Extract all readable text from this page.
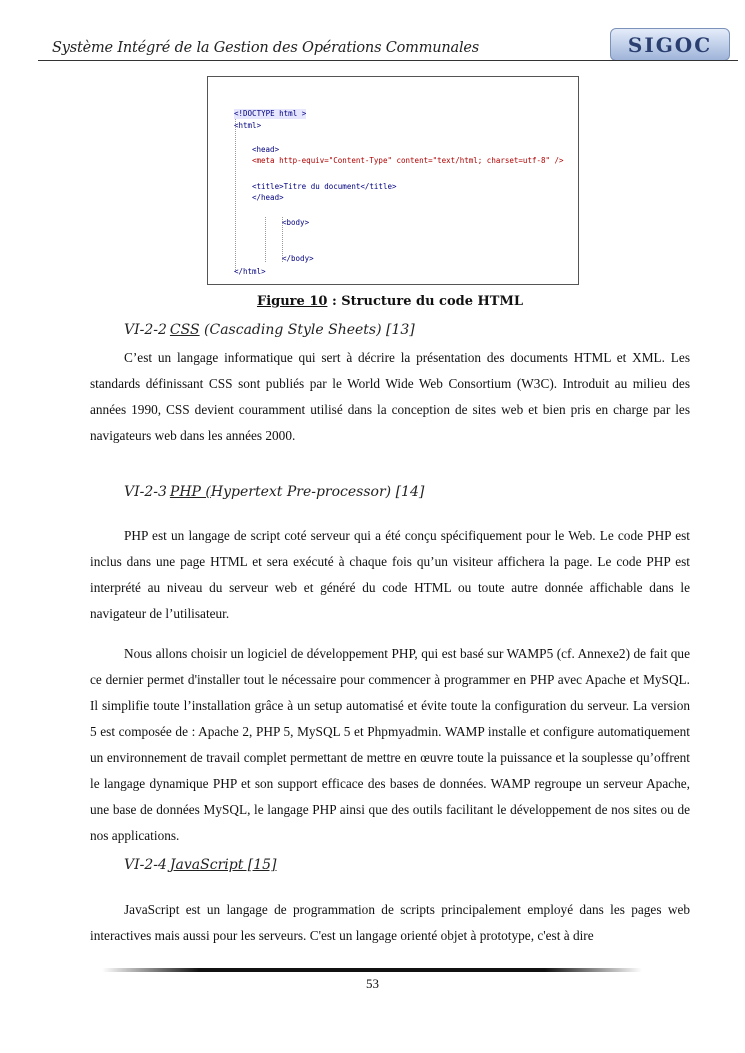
Système Intégré de la Gestion des Opérations Communales	SIGOC
<!DOCTYPE html >
<html>
<head>
<meta http-equiv="Content-Type" content="text/html; charset=utf-8" />
<title>Titre du document</title>
</head>
<body>
</body>
</html>
Figure 10 : Structure du code HTML
VI-2-2 CSS (Cascading Style Sheets) [13]

C’est un langage informatique qui sert à décrire la présentation des documents HTML et XML. Les standards définissant CSS sont publiés par le World Wide Web Consortium (W3C). Introduit au milieu des années 1990, CSS devient couramment utilisé dans la conception de sites web et bien pris en charge par les navigateurs web dans les années 2000.

VI-2-3 PHP (Hypertext Pre-processor) [14]

PHP est un langage de script coté serveur qui a été conçu spécifiquement pour le Web. Le code PHP est inclus dans une page HTML et sera exécuté à chaque fois qu’un visiteur affichera la page. Le code PHP est interprété au niveau du serveur web et généré du code HTML ou toute autre donnée affichable dans le navigateur de l’utilisateur.

Nous allons choisir un logiciel de développement PHP, qui est basé sur WAMP5 (cf. Annexe2) de fait que ce dernier permet d'installer tout le nécessaire pour commencer à programmer en PHP avec Apache et MySQL. Il simplifie toute l’installation grâce à un setup automatisé et évite toute la configuration du serveur. La version 5 est composée de : Apache 2, PHP 5, MySQL 5 et Phpmyadmin. WAMP installe et configure automatiquement un environnement de travail complet permettant de mettre en œuvre toute la puissance et la souplesse qu’offrent le langage dynamique PHP et son support efficace des bases de données. WAMP regroupe un serveur Apache, une base de données MySQL, le langage PHP ainsi que des outils facilitant le développement de nos sites ou de nos applications.

VI-2-4 JavaScript [15]

JavaScript est un langage de programmation de scripts principalement employé dans les pages web interactives mais aussi pour les serveurs. C'est un langage orienté objet à prototype, c'est à dire

53
